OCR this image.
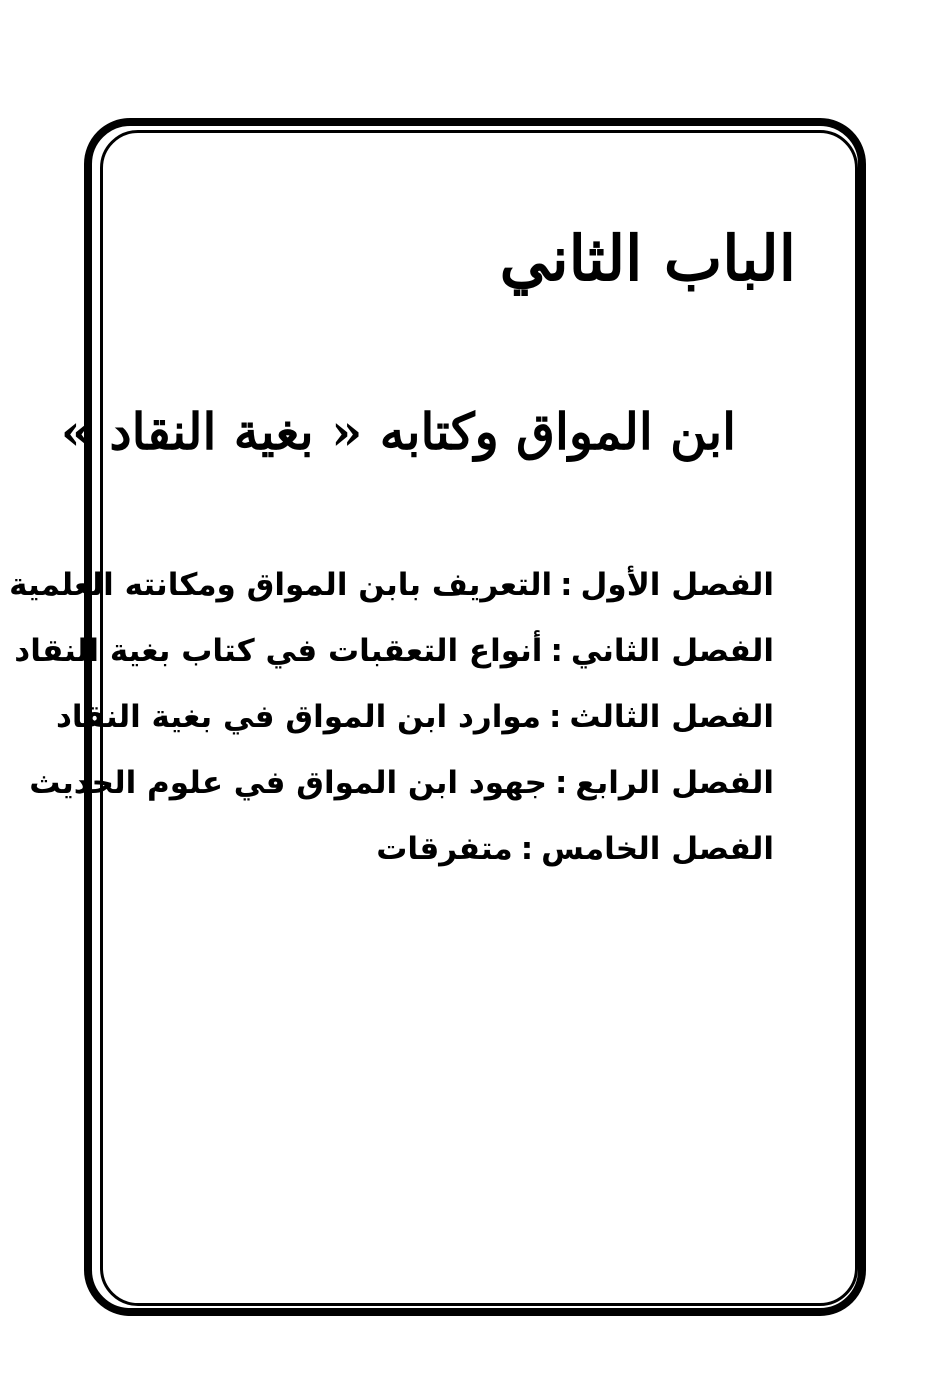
الباب الثاني
ابن المواق وكتابه « بغية النقاد »
الفصل الأول:التعريف بابن المواق ومكانته العلمية
الفصل الثاني:أنواع التعقبات في كتاب بغية النقاد
الفصل الثالث:موارد ابن المواق في بغية النقاد
الفصل الرابع:جهود ابن المواق في علوم الحديث
الفصل الخامس:متفرقات
